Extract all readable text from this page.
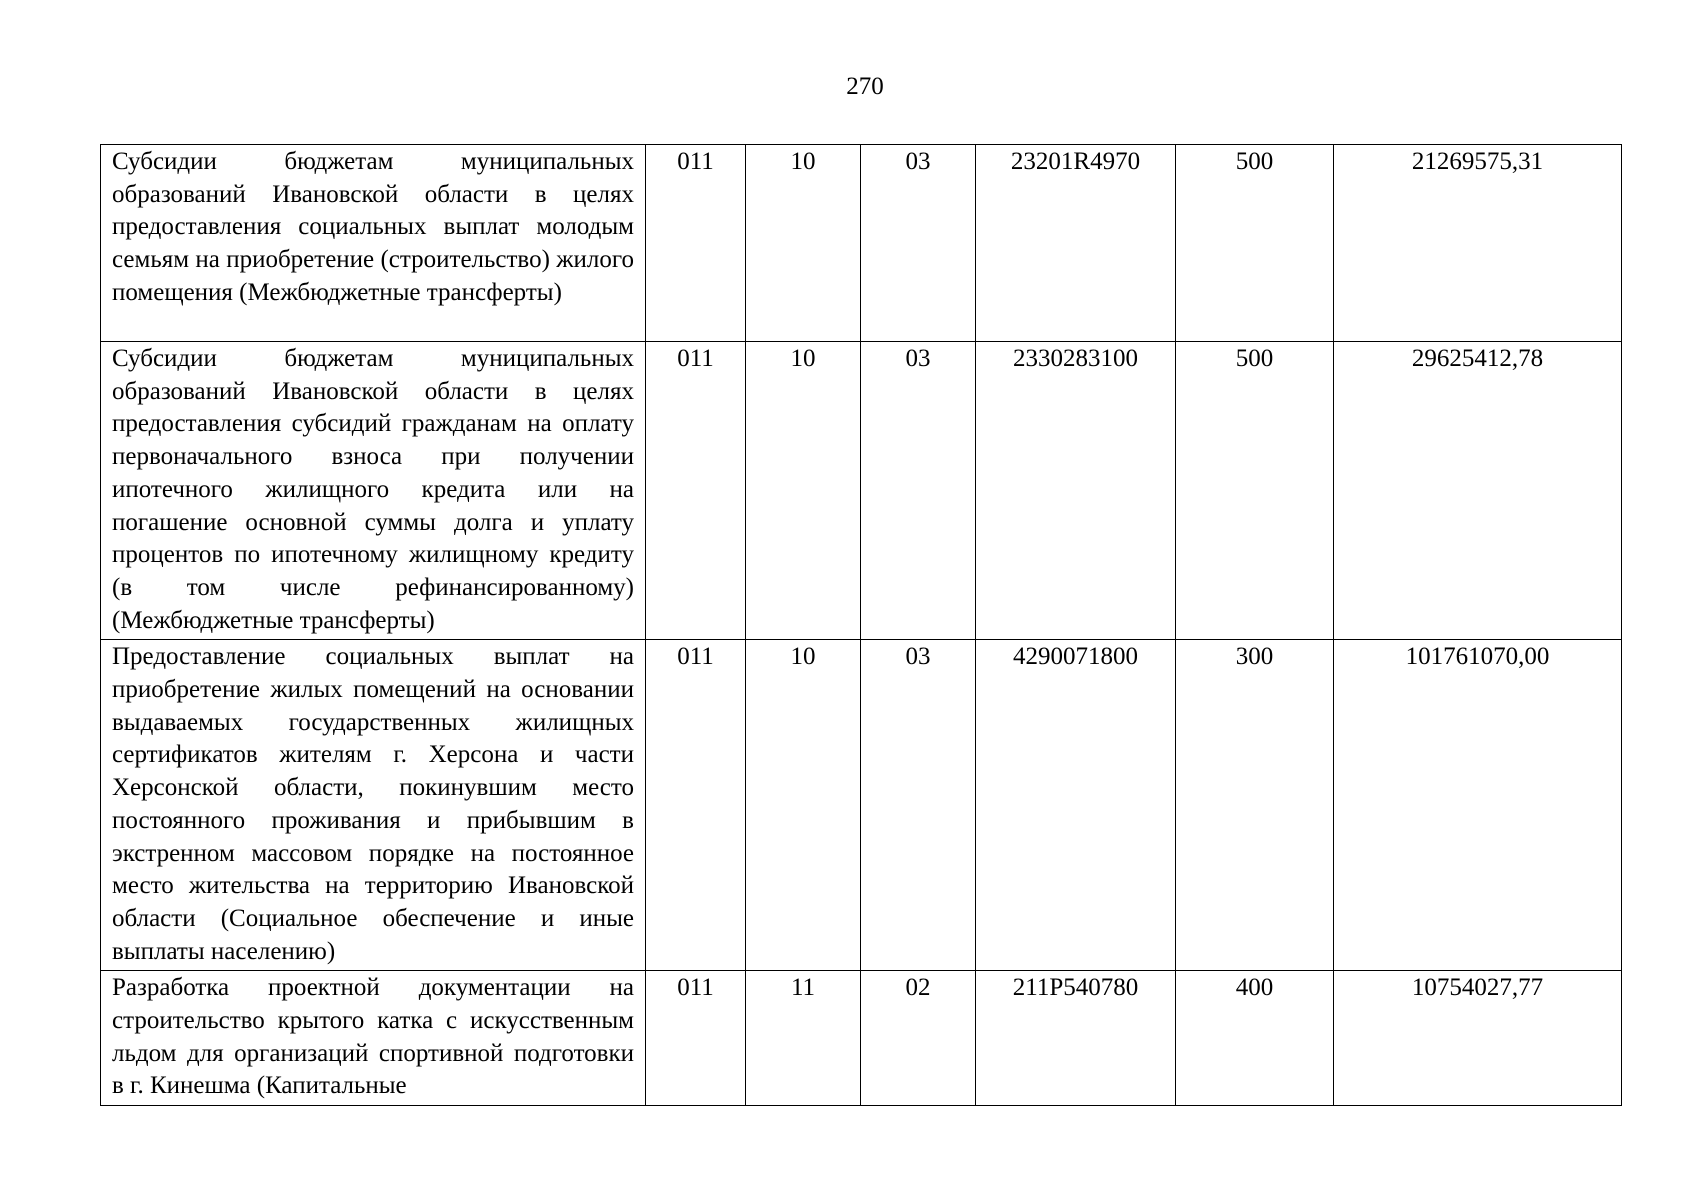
270
Субсидии бюджетам муниципальных образований Ивановской области в целях предоставления социальных выплат молодым семьям на приобретение (строительство) жилого помещения (Межбюджетные трансферты)	011	10	03	23201R4970	500	21269575,31

Субсидии бюджетам муниципальных образований Ивановской области в целях предоставления субсидий гражданам на оплату первоначального взноса при получении ипотечного жилищного кредита или на погашение основной суммы долга и уплату процентов по ипотечному жилищному кредиту (в том числе рефинансированному) (Межбюджетные трансферты)	011	10	03	2330283100	500	29625412,78

Предоставление социальных выплат на приобретение жилых помещений на основании выдаваемых государственных жилищных сертификатов жителям г. Херсона и части Херсонской области, покинувшим место постоянного проживания и прибывшим в экстренном массовом порядке на постоянное место жительства на территорию Ивановской области (Социальное обеспечение и иные выплаты населению)	011	10	03	4290071800	300	101761070,00

Разработка проектной документации на строительство крытого катка с искусственным льдом для организаций спортивной подготовки в г. Кинешма (Капитальные	011	11	02	211P540780	400	10754027,77
